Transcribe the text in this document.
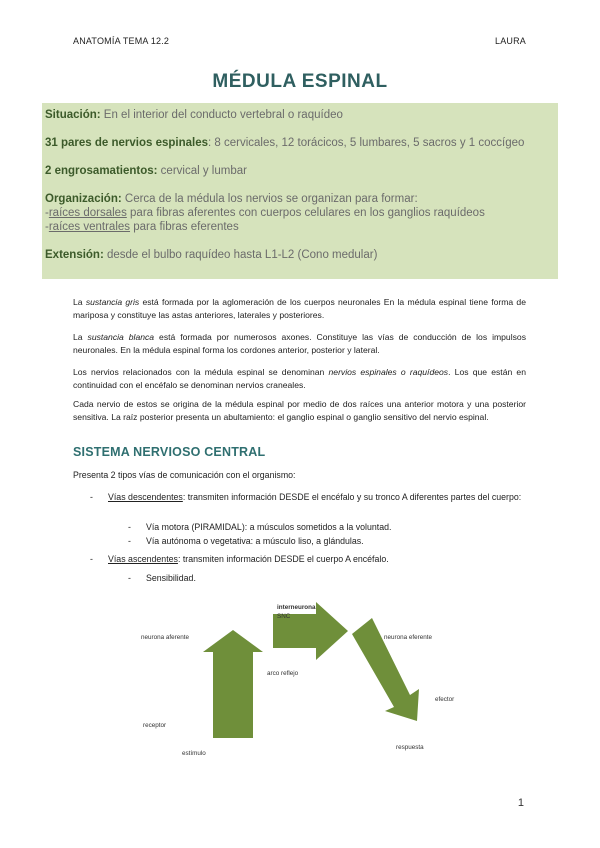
ANATOMÍA TEMA 12.2	LAURA
MÉDULA ESPINAL

Situación: En el interior del conducto vertebral o raquídeo

31 pares de nervios espinales: 8 cervicales, 12 torácicos, 5 lumbares, 5 sacros y 1 coccígeo

2 engrosamatientos: cervical y lumbar

Organización: Cerca de la médula los nervios se organizan para formar:

-raíces dorsales para fibras aferentes con cuerpos celulares en los ganglios raquídeos

-raíces ventrales para fibras eferentes

Extensión: desde el bulbo raquídeo hasta L1-L2 (Cono medular)

La sustancia gris está formada por la aglomeración de los cuerpos neuronales En la médula espinal tiene forma de mariposa y constituye las astas anteriores, laterales y posteriores.

La sustancia blanca está formada por numerosos axones. Constituye las vías de conducción de los impulsos neuronales. En la médula espinal forma los cordones anterior, posterior y lateral.

Los nervios relacionados con la médula espinal se denominan nervios espinales o raquídeos. Los que están en continuidad con el encéfalo se denominan nervios craneales.

Cada nervio de estos se origina de la médula espinal por medio de dos raíces una anterior motora y una posterior sensitiva. La raíz posterior presenta un abultamiento: el ganglio espinal o ganglio sensitivo del nervio espinal.

SISTEMA NERVIOSO CENTRAL
Presenta 2 tipos vías de comunicación con el organismo:
- Vías descendentes: transmiten información DESDE el encéfalo y su tronco A diferentes partes del cuerpo:
- Vía motora (PIRAMIDAL): a músculos sometidos a la voluntad.
- Vía autónoma o vegetativa: a músculo liso, a glándulas.
- Vías ascendentes: transmiten información DESDE el cuerpo A encéfalo.
- Sensibilidad.
interneurona
SNC
neurona aferente	neurona eferente
arco reflejo
efector
receptor
estímulo
respuesta
1
